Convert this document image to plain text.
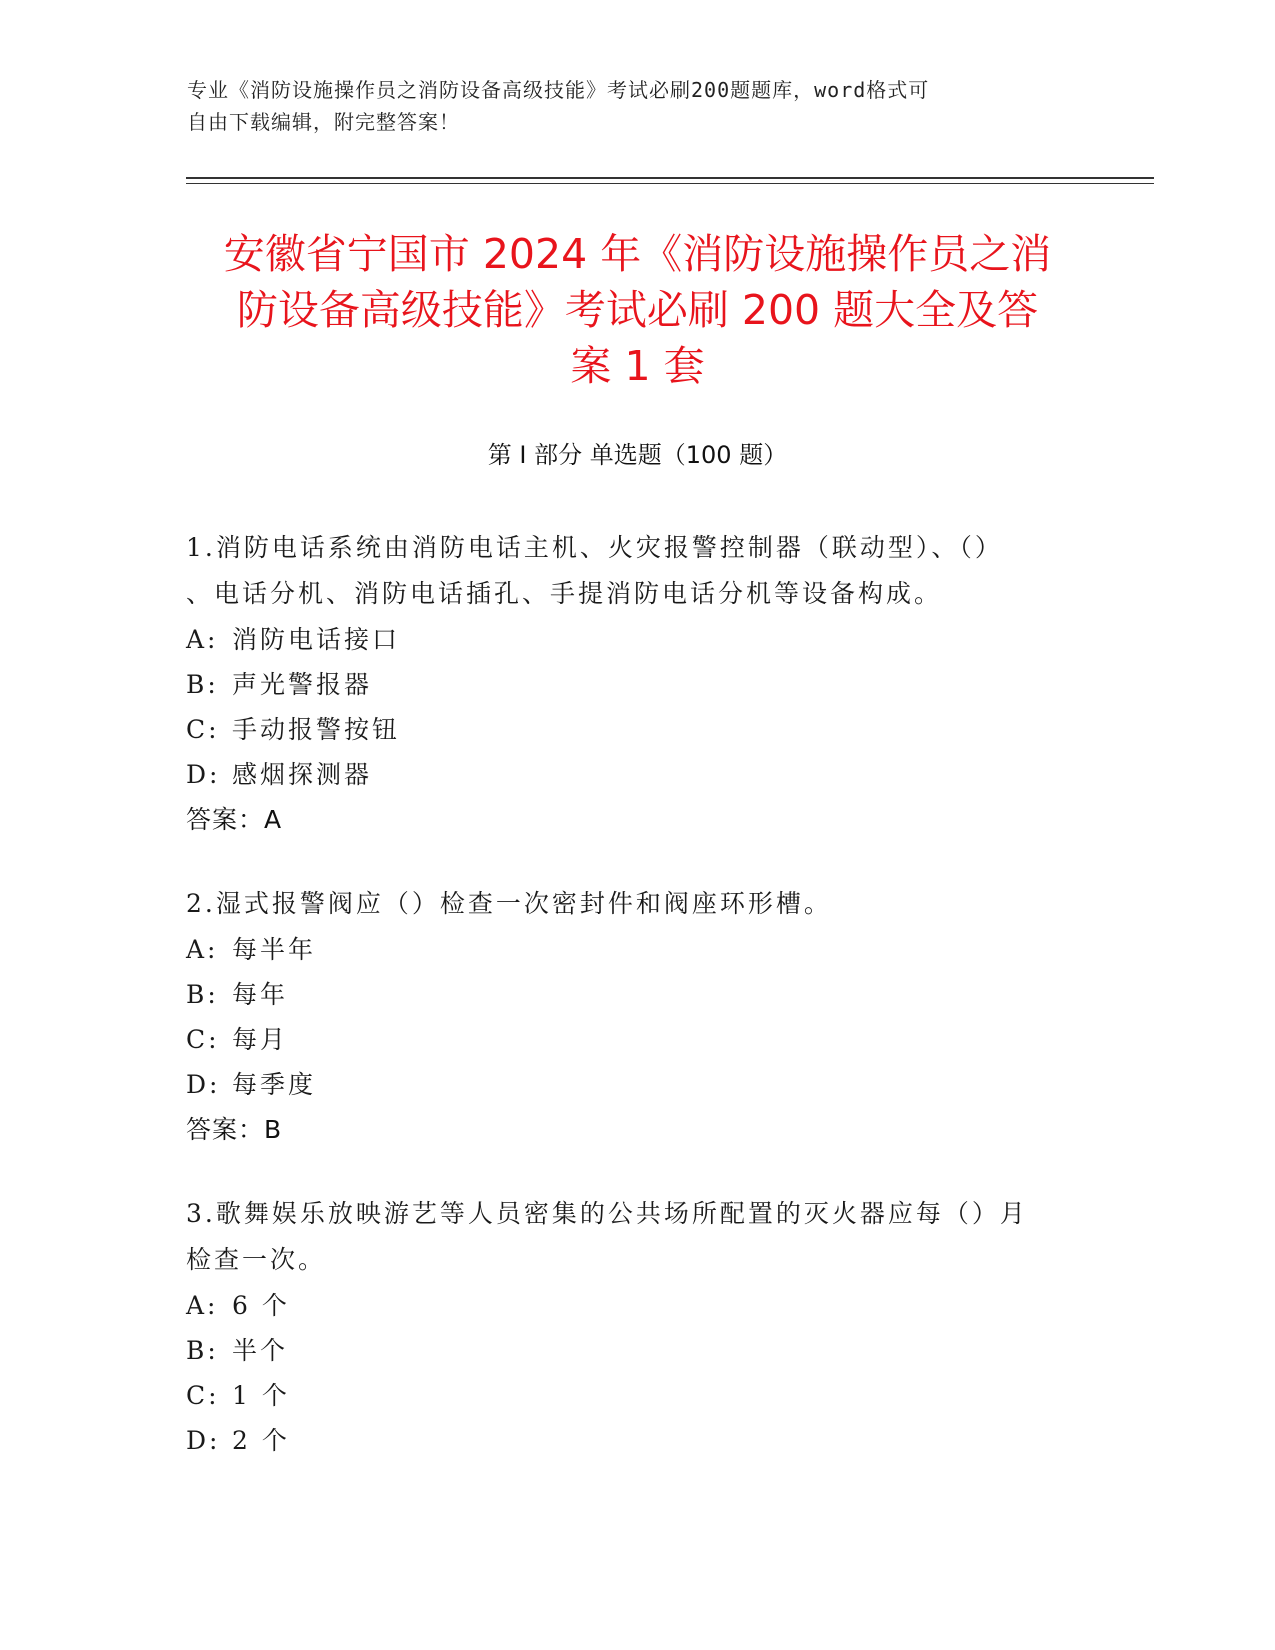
专业《消防设施操作员之消防设备高级技能》考试必刷200题题库，word格式可
自由下载编辑，附完整答案！
安徽省宁国市 2024 年《消防设施操作员之消
防设备高级技能》考试必刷 200 题大全及答
案 1 套
第 I 部分 单选题（100 题）
1.消防电话系统由消防电话主机、火灾报警控制器（联动型）、（）
、电话分机、消防电话插孔、手提消防电话分机等设备构成。
A: 消防电话接口
B: 声光警报器
C: 手动报警按钮
D: 感烟探测器
答案：A
2.湿式报警阀应（）检查一次密封件和阀座环形槽。
A: 每半年
B: 每年
C: 每月
D: 每季度
答案：B
3.歌舞娱乐放映游艺等人员密集的公共场所配置的灭火器应每（）月
检查一次。
A: 6 个
B: 半个
C: 1 个
D: 2 个
